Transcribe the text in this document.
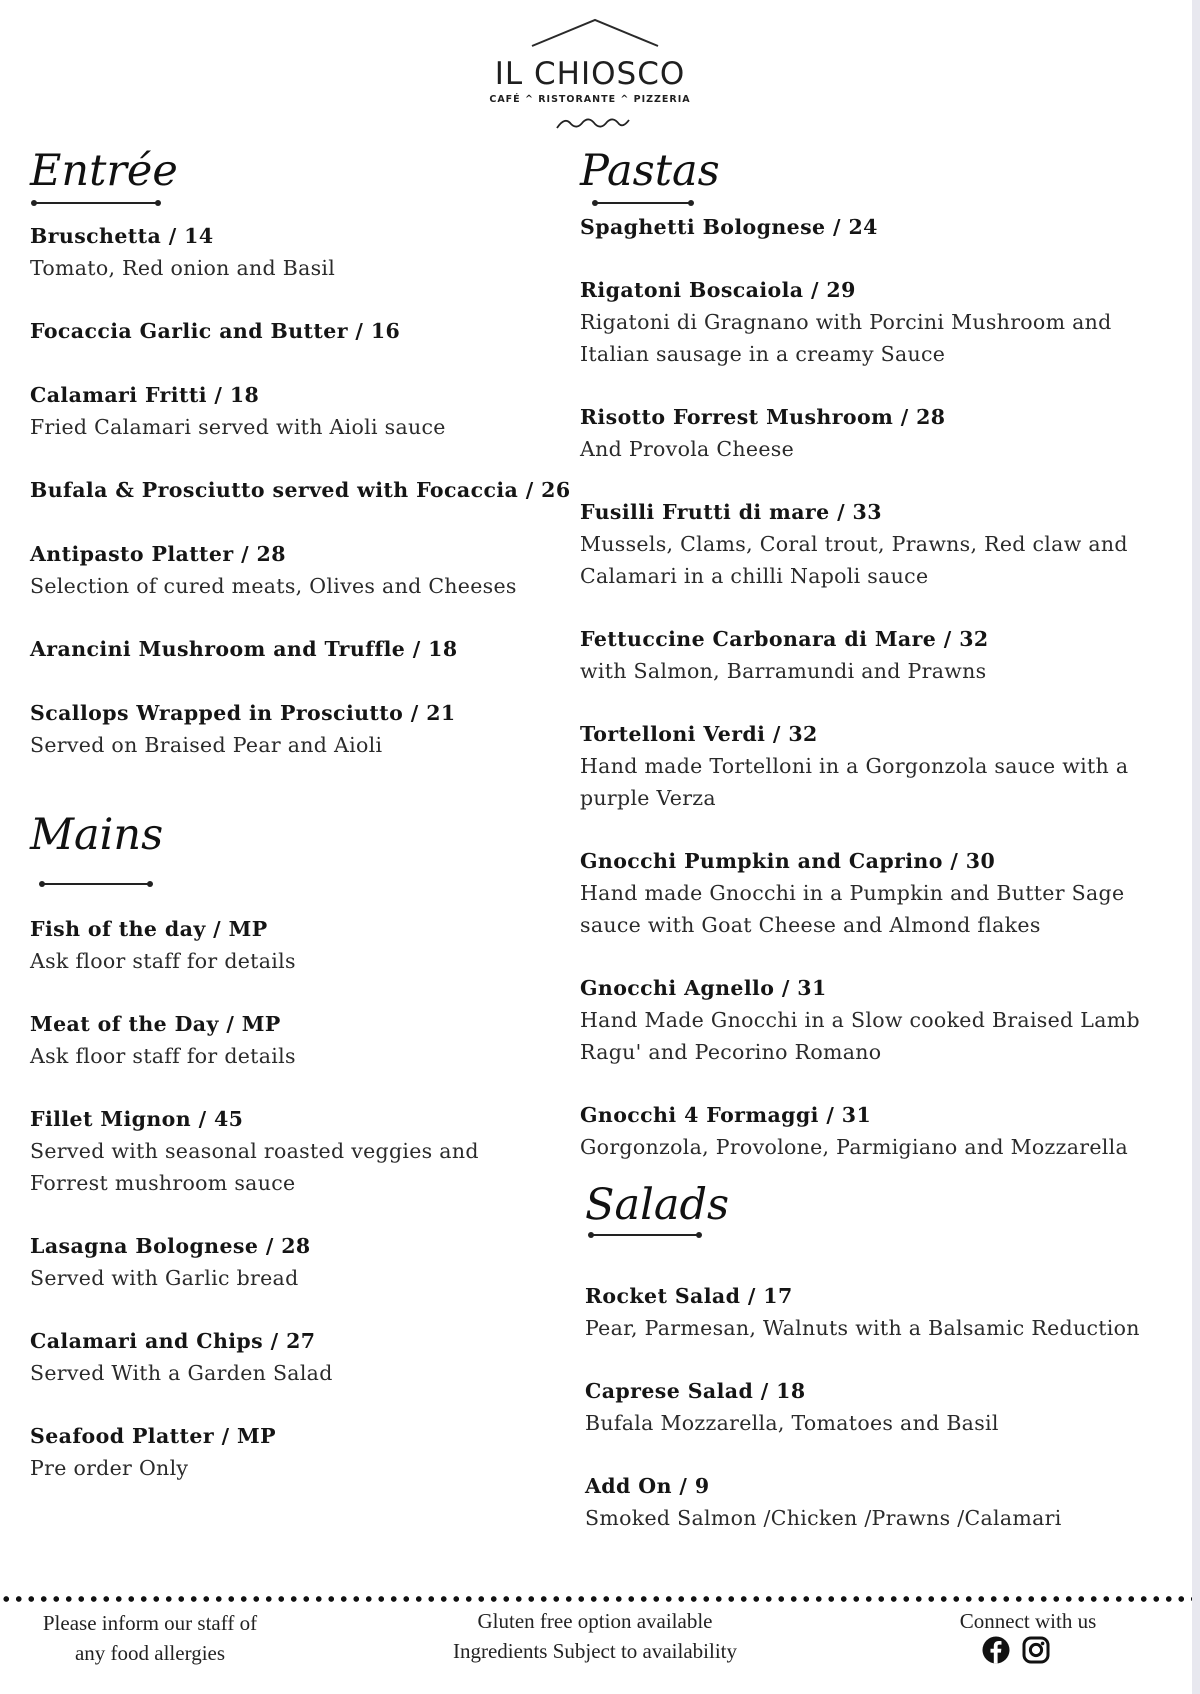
IL CHIOSCO
CAFÉ ^ RISTORANTE ^ PIZZERIA
Entrée
Bruschetta / 14
Tomato, Red onion and Basil
Focaccia Garlic and Butter / 16
Calamari Fritti / 18
Fried Calamari served with Aioli sauce
Bufala & Prosciutto served with Focaccia / 26
Antipasto Platter / 28
Selection of cured meats, Olives and Cheeses
Arancini Mushroom and Truffle / 18
Scallops Wrapped in Prosciutto / 21
Served on Braised Pear and Aioli
Mains
Fish of the day / MP
Ask floor staff for details
Meat of the Day / MP
Ask floor staff for details
Fillet Mignon / 45
Served with seasonal roasted veggies and Forrest mushroom sauce
Lasagna Bolognese / 28
Served with Garlic bread
Calamari and Chips / 27
Served With a Garden Salad
Seafood Platter / MP
Pre order Only
Pastas
Spaghetti Bolognese / 24
Rigatoni Boscaiola / 29
Rigatoni di Gragnano with Porcini Mushroom and Italian sausage in a creamy Sauce
Risotto Forrest Mushroom / 28
And Provola Cheese
Fusilli Frutti di mare / 33
Mussels, Clams, Coral trout, Prawns, Red claw and Calamari in a chilli Napoli sauce
Fettuccine Carbonara di Mare / 32
with Salmon, Barramundi and Prawns
Tortelloni Verdi / 32
Hand made Tortelloni in a Gorgonzola sauce with a purple Verza
Gnocchi Pumpkin and Caprino / 30
Hand made Gnocchi in a Pumpkin and Butter Sage sauce with Goat Cheese and Almond flakes
Gnocchi Agnello / 31
Hand Made Gnocchi in a Slow cooked Braised Lamb Ragu' and Pecorino Romano
Gnocchi 4 Formaggi / 31
Gorgonzola, Provolone, Parmigiano and Mozzarella
Salads
Rocket Salad / 17
Pear, Parmesan, Walnuts with a Balsamic Reduction
Caprese Salad / 18
Bufala Mozzarella, Tomatoes and Basil
Add On / 9
Smoked Salmon /Chicken /Prawns /Calamari
Please inform our staff of
any food allergies
Gluten free option available
Ingredients Subject to availability
Connect with us
